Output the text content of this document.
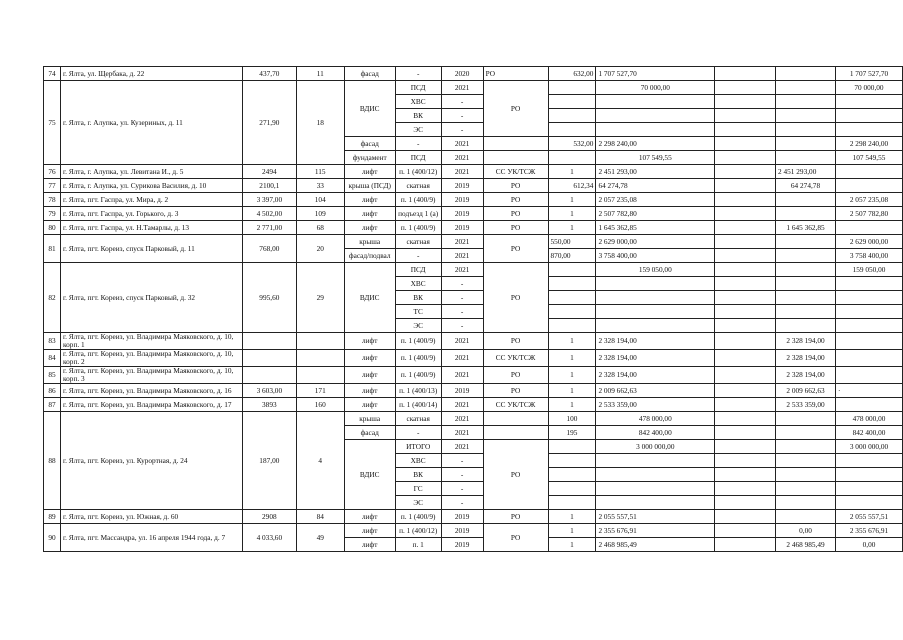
74	г. Ялта, ул. Щербака, д. 22	437,70	11	фасад	-	2020	РО	632,00	1 707 527,70			1 707 527,70
75	г. Ялта, г. Алупка, ул. Кузериных, д. 11	271,90	18	ВДИС	ПСД	2021	РО		70 000,00			70 000,00
					ХВС	-						
					ВК	-						
					ЭС	-						
				фасад	-	2021		532,00	2 298 240,00			2 298 240,00
				фундамент	ПСД	2021			107 549,55			107 549,55
76	г. Ялта, г. Алупка, ул. Левитана И., д. 5	2494	115	лифт	п. 1 (400/12)	2021	СС УК/ТСЖ	1	2 451 293,00		2 451 293,00	
77	г. Ялта, г. Алупка, ул. Сурикова Василия, д. 10	2100,1	33	крыша (ПСД)	скатная	2019	РО	612,34	64 274,78		64 274,78	
78	г. Ялта, пгт. Гаспра, ул. Мира, д. 2	3 397,00	104	лифт	п. 1 (400/9)	2019	РО	1	2 057 235,08			2 057 235,08
79	г. Ялта, пгт. Гаспра, ул. Горького, д. 3	4 502,00	109	лифт	подъезд 1 (а)	2019	РО	1	2 507 782,80			2 507 782,80
80	г. Ялта, пгт. Гаспра, ул. Н.Тамарлы, д. 13	2 771,00	68	лифт	п. 1 (400/9)	2019	РО	1	1 645 362,85		1 645 362,85	
81	г. Ялта, пгт. Кореиз, спуск Парковый, д. 11	768,00	20	крыша	скатная	2021	РО	550,00	2 629 000,00			2 629 000,00
				фасад/подвал	-	2021		870,00	3 758 400,00			3 758 400,00
82	г. Ялта, пгт. Кореиз, спуск Парковый, д. 32	995,60	29	ВДИС	ПСД	2021	РО		159 050,00			159 050,00
					ХВС	-						
					ВК	-						
					ТС	-						
					ЭС	-						
83	г. Ялта, пгт. Кореиз, ул. Владимира Маяковского, д. 10, корп. 1			лифт	п. 1 (400/9)	2021	РО	1	2 328 194,00		2 328 194,00	
84	г. Ялта, пгт. Кореиз, ул. Владимира Маяковского, д. 10, корп. 2			лифт	п. 1 (400/9)	2021	СС УК/ТСЖ	1	2 328 194,00		2 328 194,00	
85	г. Ялта, пгт. Кореиз, ул. Владимира Маяковского, д. 10, корп. 3			лифт	п. 1 (400/9)	2021	РО	1	2 328 194,00		2 328 194,00	
86	г. Ялта, пгт. Кореиз, ул. Владимира Маяковского, д. 16	3 603,00	171	лифт	п. 1 (400/13)	2019	РО	1	2 009 662,63		2 009 662,63	·
87	г. Ялта, пгт. Кореиз, ул. Владимира Маяковского, д. 17	3893	160	лифт	п. 1 (400/14)	2021	СС УК/ТСЖ	1	2 533 359,00		2 533 359,00	
88	г. Ялта, пгт. Кореиз, ул. Курортная, д. 24	187,00	4	крыша	скатная	2021		100	478 000,00			478 000,00
				фасад	-	2021		195	842 400,00			842 400,00
				ВДИС	ИТОГО	2021	РО		3 000 000,00			3 000 000,00
					ХВС	-						
					ВК	-						
					ГС	-						
					ЭС	-						
89	г. Ялта, пгт. Кореиз, ул. Южная, д. 60	2908	84	лифт	п. 1 (400/9)	2019	РО	1	2 055 557,51			2 055 557,51
90	г. Ялта, пгт. Массандра, ул. 16 апреля 1944 года, д. 7	4 033,60	49	лифт	п. 1 (400/12)	2019	РО	1	2 355 676,91		0,00	2 355 676,91
				лифт	п. 1	2019		1	2 468 985,49		2 468 985,49	0,00
